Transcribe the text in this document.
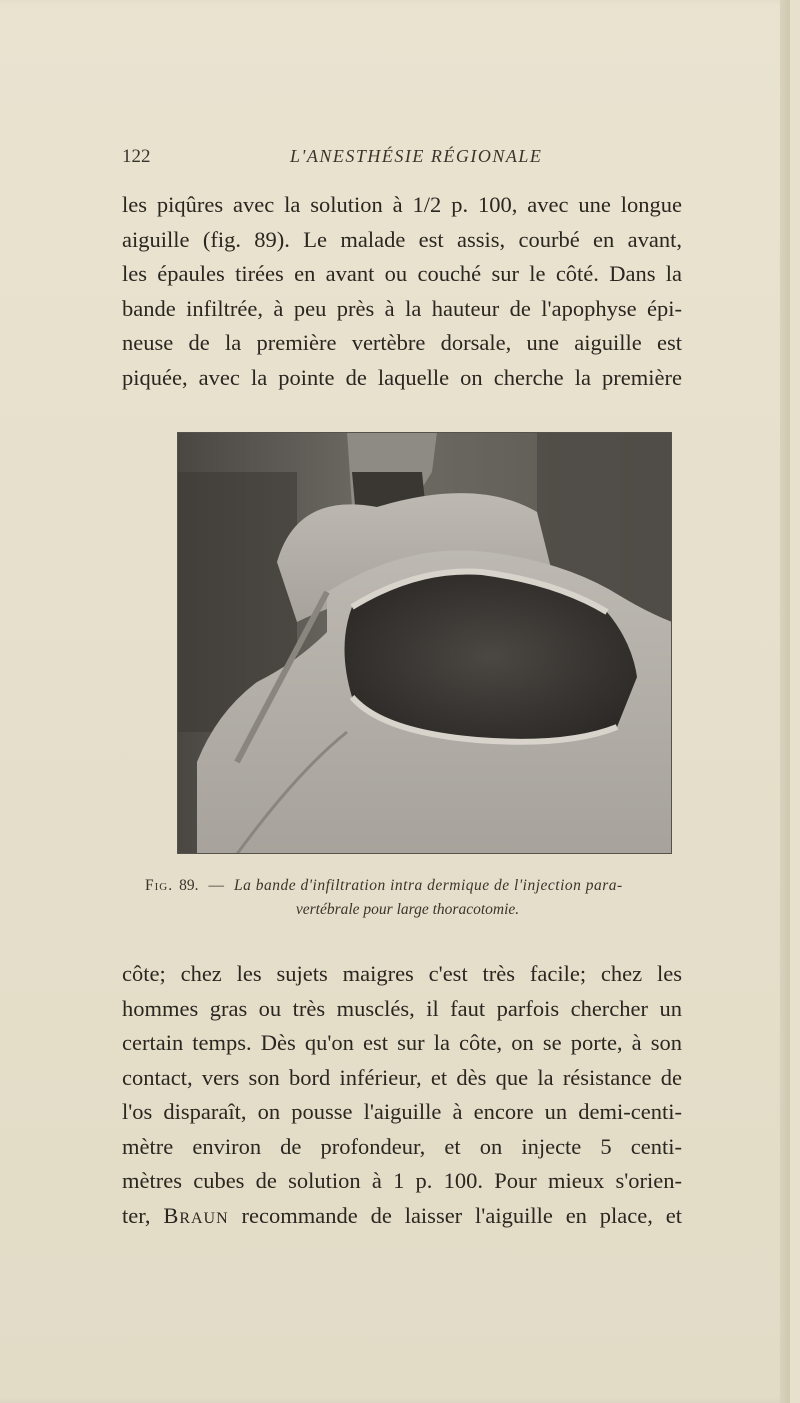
122	L'ANESTHÉSIE RÉGIONALE
les piqûres avec la solution à 1/2 p. 100, avec une longue
aiguille (fig. 89). Le malade est assis, courbé en avant,
les épaules tirées en avant ou couché sur le côté. Dans la
bande infiltrée, à peu près à la hauteur de l'apophyse épi-
neuse de la première vertèbre dorsale, une aiguille est
piquée, avec la pointe de laquelle on cherche la première
Fig. 89. — La bande d'infiltration intra dermique de l'injection para-
vertébrale pour large thoracotomie.
côte; chez les sujets maigres c'est très facile; chez les
hommes gras ou très musclés, il faut parfois chercher un
certain temps. Dès qu'on est sur la côte, on se porte, à son
contact, vers son bord inférieur, et dès que la résistance de
l'os disparaît, on pousse l'aiguille à encore un demi-centi-
mètre environ de profondeur, et on injecte 5 centi-
mètres cubes de solution à 1 p. 100. Pour mieux s'orien-
ter, Braun recommande de laisser l'aiguille en place, et
